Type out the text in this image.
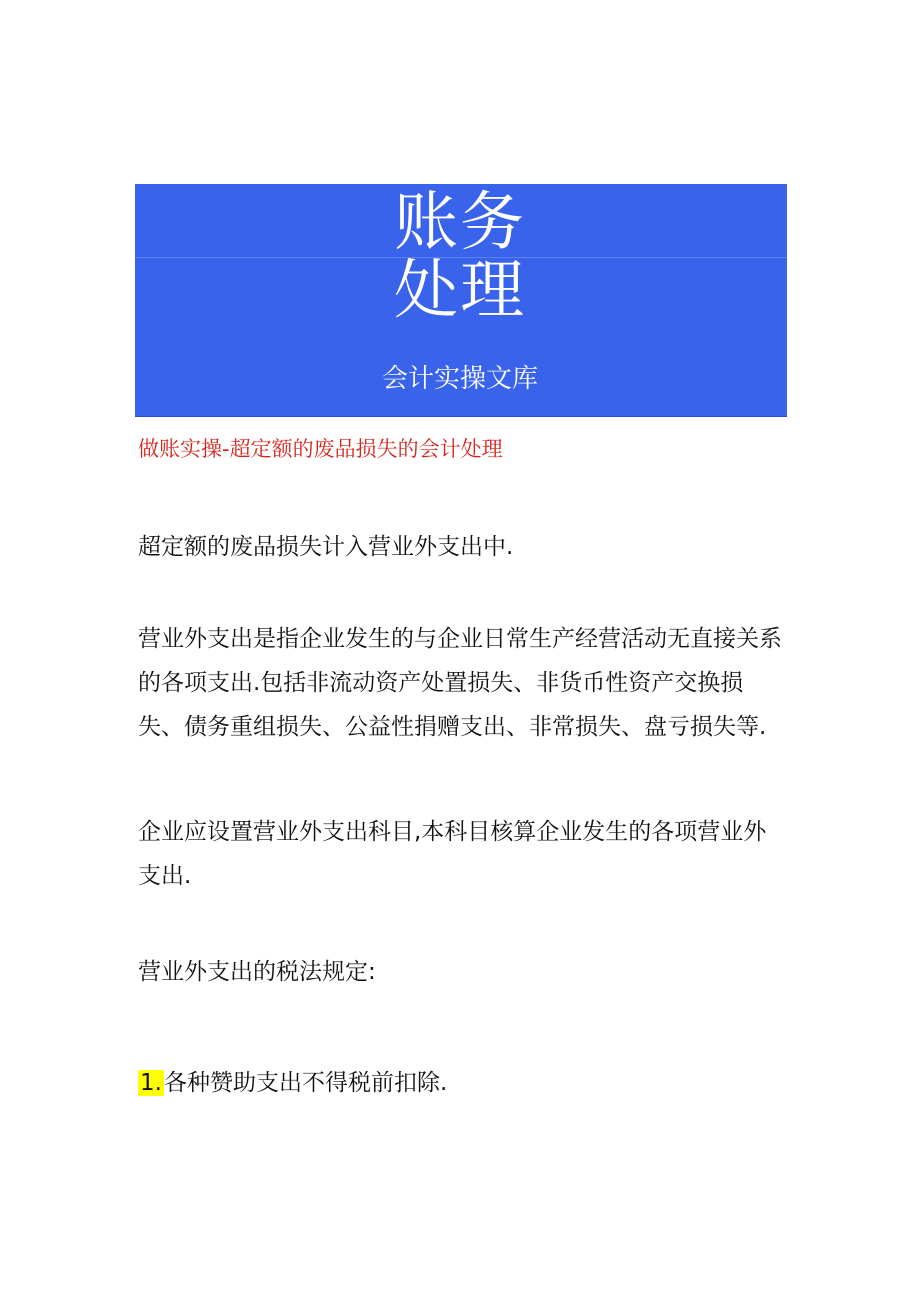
账务
处理
会计实操文库
做账实操-超定额的废品损失的会计处理
超定额的废品损失计入营业外支出中.
营业外支出是指企业发生的与企业日常生产经营活动无直接关系的各项支出.包括非流动资产处置损失、非货币性资产交换损失、债务重组损失、公益性捐赠支出、非常损失、盘亏损失等.
企业应设置营业外支出科目,本科目核算企业发生的各项营业外支出.
营业外支出的税法规定:
1.各种赞助支出不得税前扣除.
